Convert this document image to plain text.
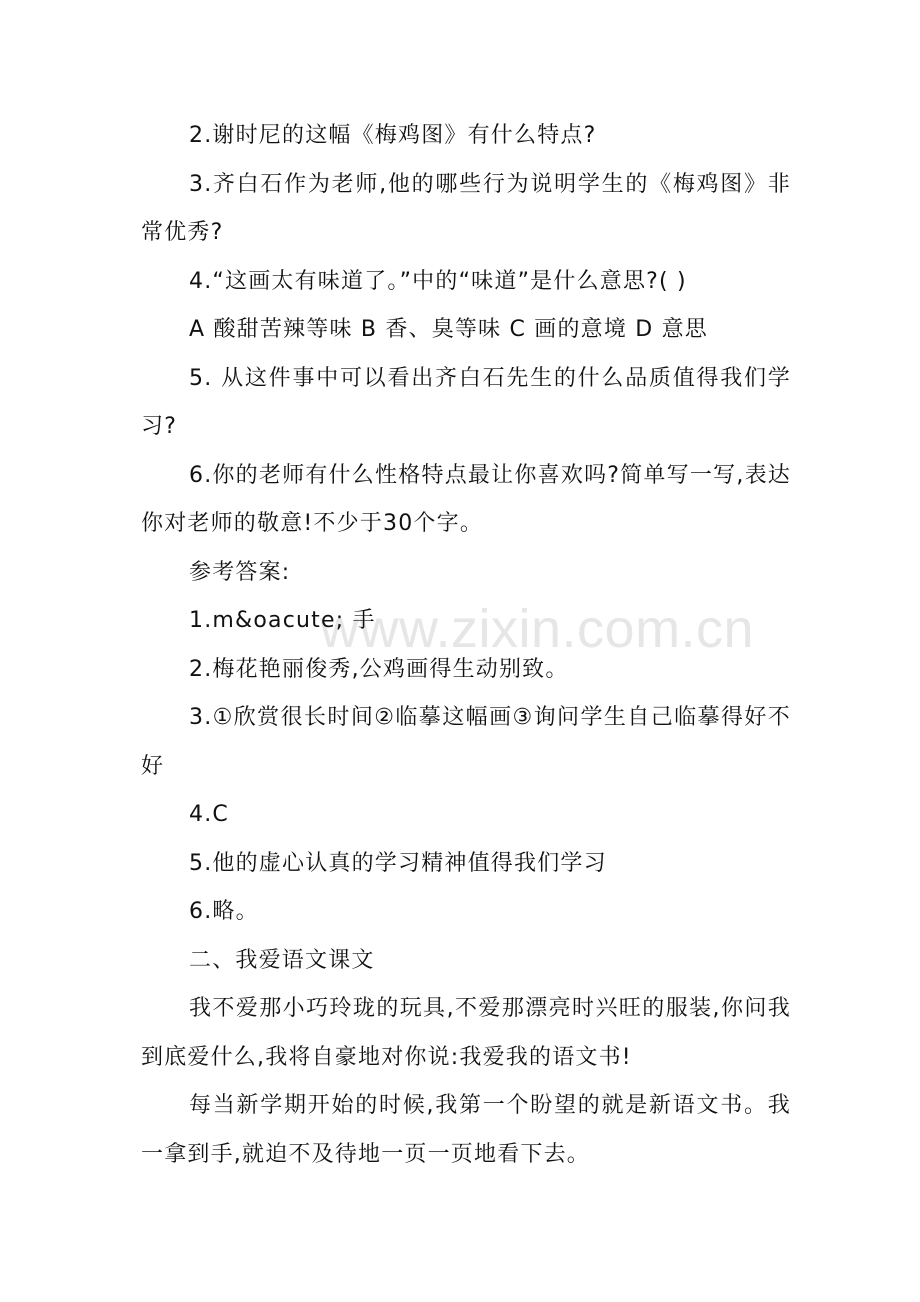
www.zixin.com.cn

2.谢时尼的这幅《梅鸡图》有什么特点?

3.齐白石作为老师,他的哪些行为说明学生的《梅鸡图》非常优秀?

4.“这画太有味道了。”中的“味道”是什么意思?( )

A 酸甜苦辣等味 B 香、臭等味 C 画的意境 D 意思

5. 从这件事中可以看出齐白石先生的什么品质值得我们学习?

6.你的老师有什么性格特点最让你喜欢吗?简单写一写,表达你对老师的敬意!不少于30个字。

参考答案:

1.m&oacute; 手

2.梅花艳丽俊秀,公鸡画得生动别致。

3.①欣赏很长时间②临摹这幅画③询问学生自己临摹得好不好

4.C

5.他的虚心认真的学习精神值得我们学习

6.略。

二、我爱语文课文

我不爱那小巧玲珑的玩具,不爱那漂亮时兴旺的服装,你问我到底爱什么,我将自豪地对你说:我爱我的语文书!

每当新学期开始的时候,我第一个盼望的就是新语文书。我一拿到手,就迫不及待地一页一页地看下去。
